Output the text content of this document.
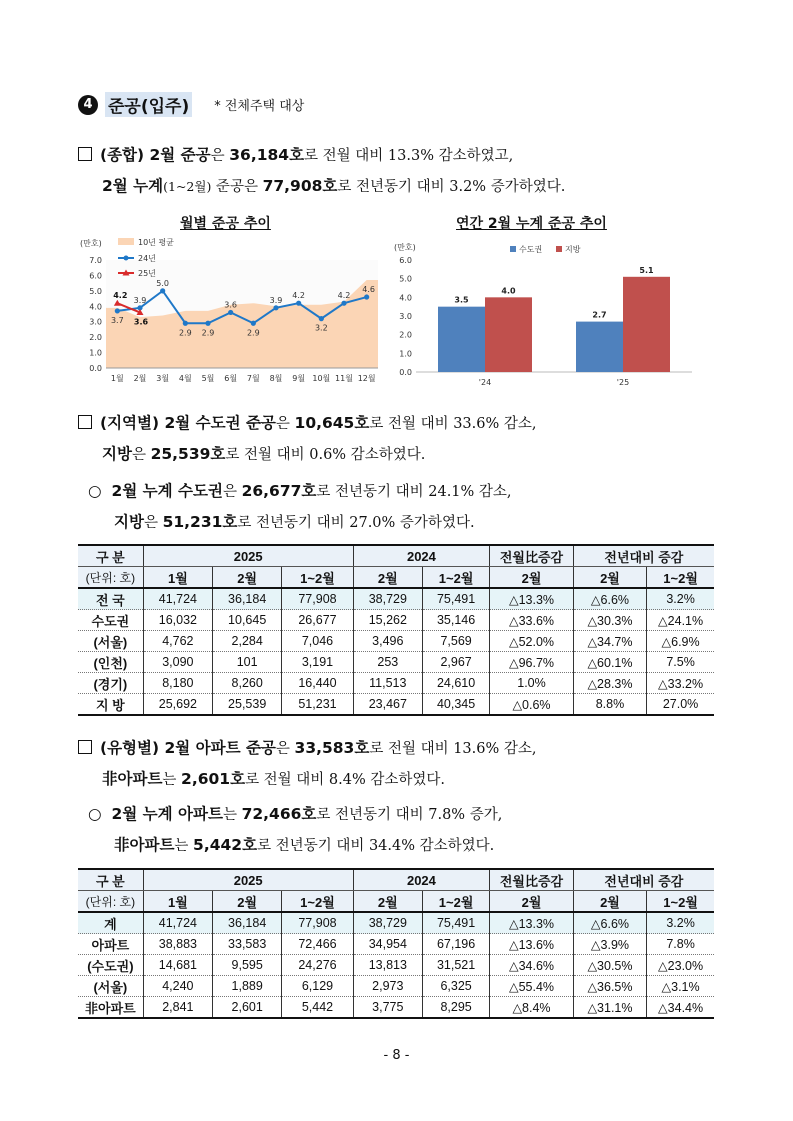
4 준공(입주) * 전체주택 대상
(종합) 2월 준공은 36,184호로 전월 대비 13.3% 감소하였고,
2월 누계(1~2월) 준공은 77,908호로 전년동기 대비 3.2% 증가하였다.
월별 준공 추이	연간 2월 누계 준공 추이
(만호)
0.0
1.0
2.0
3.0
4.0
5.0
6.0
7.0
1월 2월 3월 4월 5월 6월 7월 8월 9월 10월 11월 12월
3.7
3.9
5.0
2.9 2.9
3.6
2.9
3.9
4.2
3.2
4.2
4.6
4.2
3.6
10년 평균
24년
25년
(만호)
0.0
1.0
2.0
3.0
4.0
5.0
6.0
3.5
4.0
'24
2.7
5.1
'25
수도권	지방
(지역별) 2월 수도권 준공은 10,645호로 전월 대비 33.6% 감소,
지방은 25,539호로 전월 대비 0.6% 감소하였다.
○ 2월 누계 수도권은 26,677호로 전년동기 대비 24.1% 감소,
지방은 51,231호로 전년동기 대비 27.0% 증가하였다.
구 분	2025			2024		전월比증감	전년대비 증감	
(단위: 호)	1월	2월	1~2월	2월	1~2월	2월	2월	1~2월
전 국	41,724	36,184	77,908	38,729	75,491	△13.3%	△6.6%	3.2%
수도권	16,032	10,645	26,677	15,262	35,146	△33.6%	△30.3%	△24.1%
(서울)	4,762	2,284	7,046	3,496	7,569	△52.0%	△34.7%	△6.9%
(인천)	3,090	101	3,191	253	2,967	△96.7%	△60.1%	7.5%
(경기)	8,180	8,260	16,440	11,513	24,610	1.0%	△28.3%	△33.2%
지 방	25,692	25,539	51,231	23,467	40,345	△0.6%	8.8%	27.0%
(유형별) 2월 아파트 준공은 33,583호로 전월 대비 13.6% 감소,
非아파트는 2,601호로 전월 대비 8.4% 감소하였다.
○ 2월 누계 아파트는 72,466호로 전년동기 대비 7.8% 증가,
非아파트는 5,442호로 전년동기 대비 34.4% 감소하였다.
구 분	2025			2024		전월比증감	전년대비 증감	
(단위: 호)	1월	2월	1~2월	2월	1~2월	2월	2월	1~2월
계	41,724	36,184	77,908	38,729	75,491	△13.3%	△6.6%	3.2%
아파트	38,883	33,583	72,466	34,954	67,196	△13.6%	△3.9%	7.8%
(수도권)	14,681	9,595	24,276	13,813	31,521	△34.6%	△30.5%	△23.0%
(서울)	4,240	1,889	6,129	2,973	6,325	△55.4%	△36.5%	△3.1%
非아파트	2,841	2,601	5,442	3,775	8,295	△8.4%	△31.1%	△34.4%
- 8 -
